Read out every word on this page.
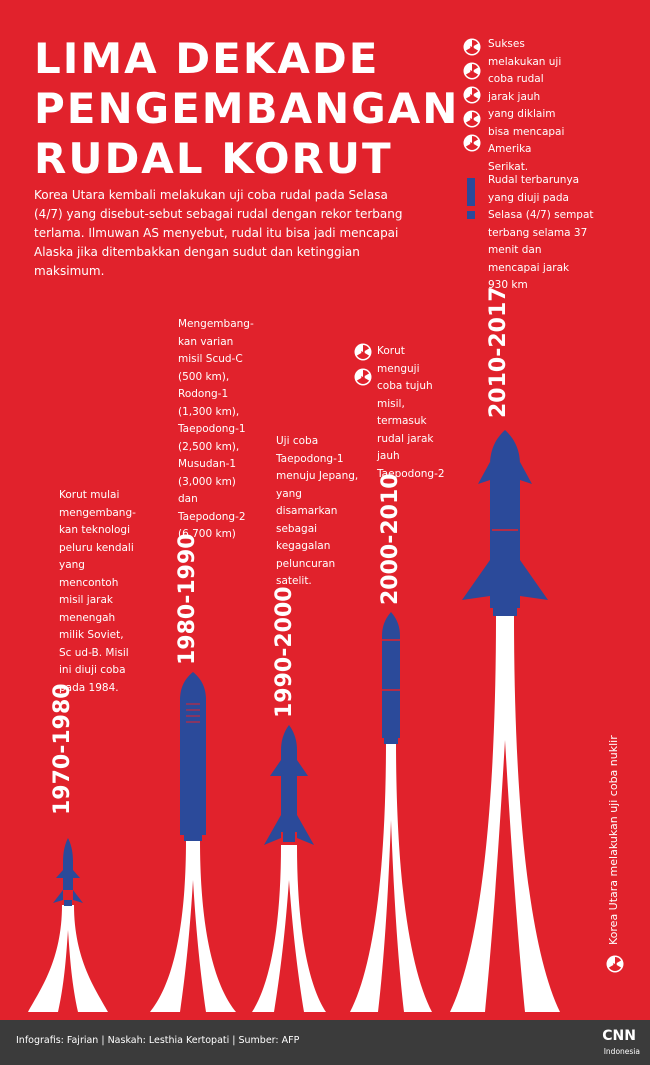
LIMA DEKADE
PENGEMBANGAN
RUDAL KORUT
Korea Utara kembali melakukan uji coba rudal pada Selasa (4/7) yang disebut-sebut sebagai rudal dengan rekor terbang terlama. Ilmuwan AS menyebut, rudal itu bisa jadi mencapai Alaska jika ditembakkan dengan sudut dan ketinggian maksimum.
1970-1980
1980-1990	1990-2000
2000-2010
2010-2017
Korut mulai
mengembang-
kan teknologi
peluru kendali
yang
mencontoh
misil jarak
menengah
milik Soviet,
Sc ud-B. Misil
ini diuji coba
pada 1984.
Mengembang-
kan varian
misil Scud-C
(500 km),
Rodong-1
(1,300 km),
Taepodong-1
(2,500 km),
Musudan-1
(3,000 km)
dan
Taepodong-2
(6,700 km)
Uji coba
Taepodong-1
menuju Jepang,
yang
disamarkan
sebagai
kegagalan
peluncuran
satelit.
Korut
menguji
coba tujuh
misil,
termasuk
rudal jarak
jauh
Taepodong-2
Sukses
melakukan uji
coba rudal
jarak jauh
yang diklaim
bisa mencapai
Amerika
Serikat.
Rudal terbarunya
yang diuji pada
Selasa (4/7) sempat
terbang selama 37
menit dan
mencapai jarak
930 km
Korea Utara melakukan uji coba nuklir
Infografis: Fajrian | Naskah: Lesthia Kertopati | Sumber: AFP	CNN
Indonesia
